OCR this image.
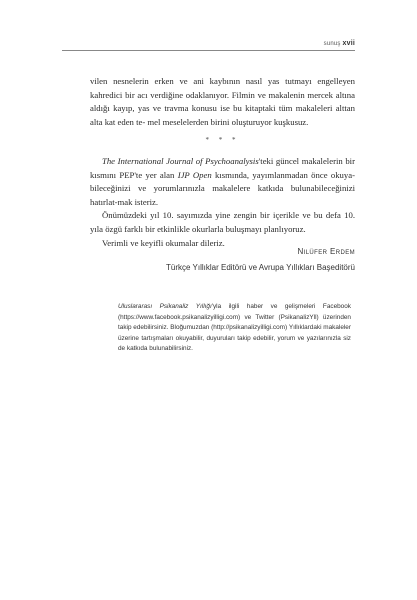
sunuş xvii

vilen nesnelerin erken ve ani kaybının nasıl yas tutmayı engelleyen kahredici bir acı verdiğine odaklanıyor. Filmin ve makalenin mercek altına aldığı kayıp, yas ve travma konusu ise bu kitaptaki tüm makaleleri alttan alta kat eden te- mel meselelerden birini oluşturuyor kuşkusuz.

* * *

The International Journal of Psychoanalysis'teki güncel makalelerin bir kısmını PEP'te yer alan IJP Open kısmında, yayımlanmadan önce okuya-bileceğinizi ve yorumlarınızla makalelere katkıda bulunabileceğinizi hatırlat-mak isteriz.

Önümüzdeki yıl 10. sayımızda yine zengin bir içerikle ve bu defa 10. yıla özgü farklı bir etkinlikle okurlarla buluşmayı planlıyoruz.

Verimli ve keyifli okumalar dileriz.

Nilüfer Erdem
Türkçe Yıllıklar Editörü ve Avrupa Yıllıkları Başeditörü
Uluslararası Psikanaliz Yıllığı'yla ilgili haber ve gelişmeleri Facebook (https://www.facebook.psikanalizyilligi.com) ve Twitter (PsikanalizYll) üzerinden takip edebilirsiniz. Bloğumuzdan (http://psikanalizyilligi.com) Yıllıklardaki makaleler üzerine tartışmaları okuyabilir, duyuruları takip edebilir, yorum ve yazılarınızla siz de katkıda bulunabilirsiniz.
